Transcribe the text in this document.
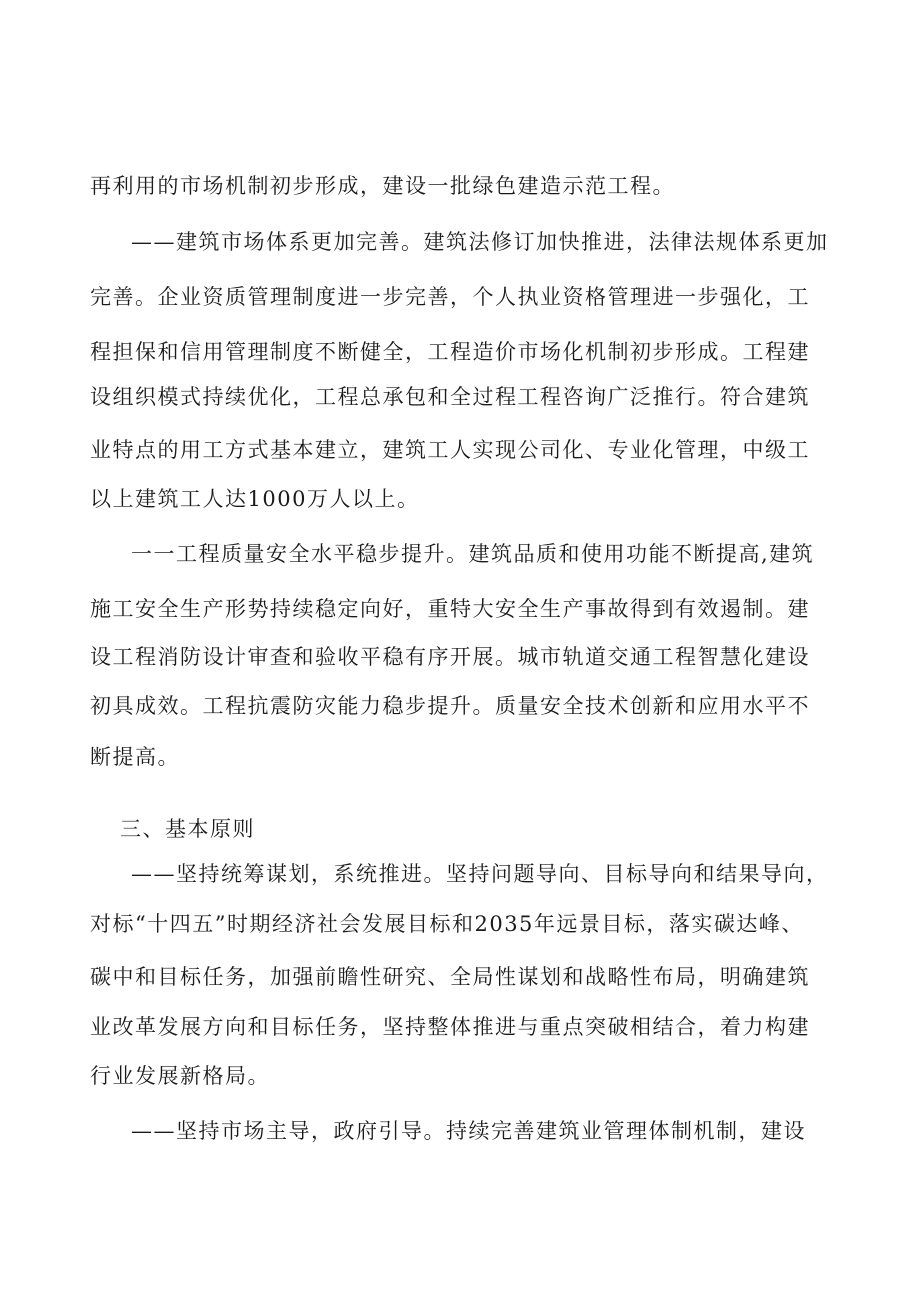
再利用的市场机制初步形成，建设一批绿色建造示范工程。
——建筑市场体系更加完善。建筑法修订加快推进，法律法规体系更加
完善。企业资质管理制度进一步完善，个人执业资格管理进一步强化，工
程担保和信用管理制度不断健全，工程造价市场化机制初步形成。工程建
设组织模式持续优化，工程总承包和全过程工程咨询广泛推行。符合建筑
业特点的用工方式基本建立，建筑工人实现公司化、专业化管理，中级工
以上建筑工人达1000万人以上。
一一工程质量安全水平稳步提升。建筑品质和使用功能不断提高,建筑
施工安全生产形势持续稳定向好，重特大安全生产事故得到有效遏制。建
设工程消防设计审查和验收平稳有序开展。城市轨道交通工程智慧化建设
初具成效。工程抗震防灾能力稳步提升。质量安全技术创新和应用水平不
断提高。
三、基本原则
——坚持统筹谋划，系统推进。坚持问题导向、目标导向和结果导向，
对标“十四五”时期经济社会发展目标和2035年远景目标，落实碳达峰、
碳中和目标任务，加强前瞻性研究、全局性谋划和战略性布局，明确建筑
业改革发展方向和目标任务，坚持整体推进与重点突破相结合，着力构建
行业发展新格局。
——坚持市场主导，政府引导。持续完善建筑业管理体制机制，建设
